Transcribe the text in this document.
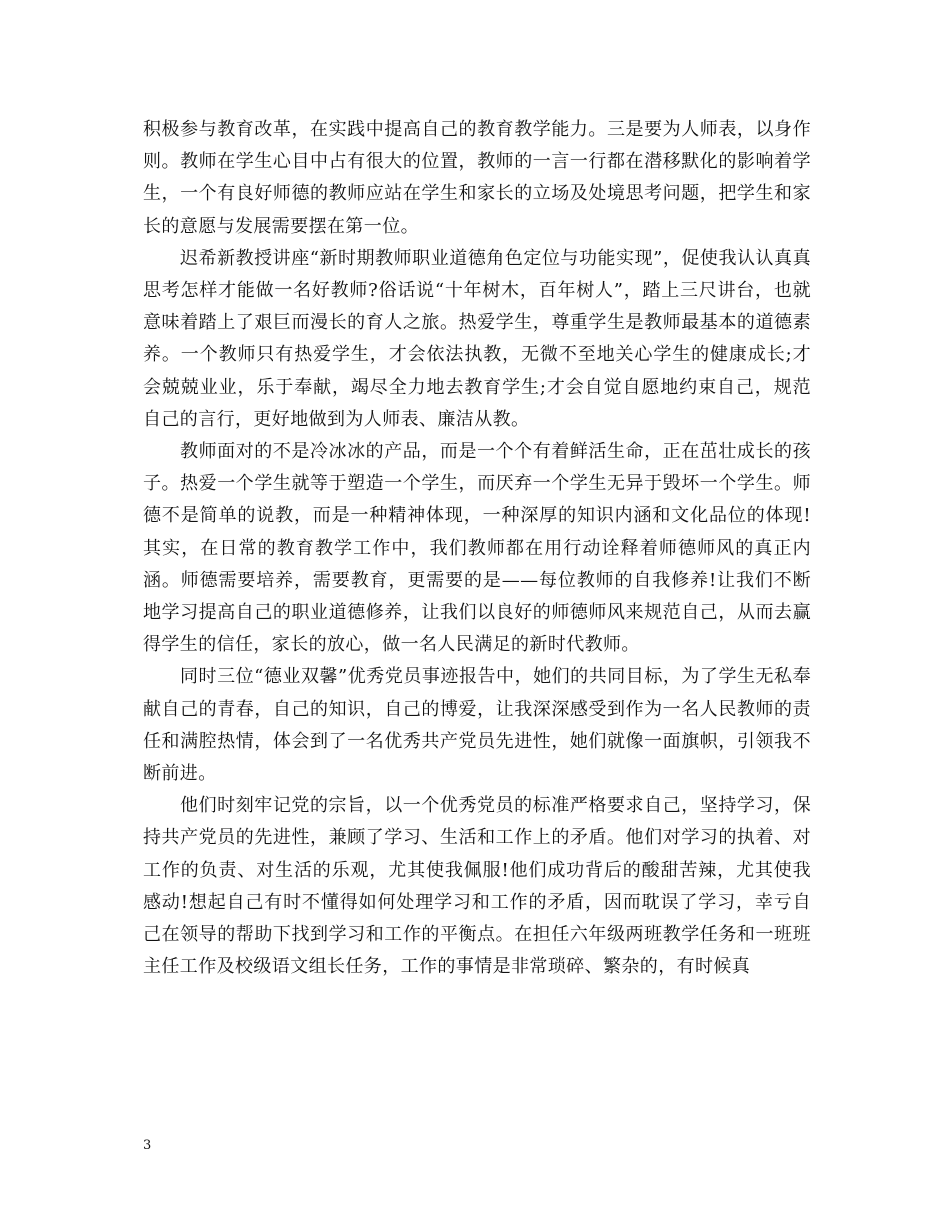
积极参与教育改革，在实践中提高自己的教育教学能力。三是要为人师表，以身作则。教师在学生心目中占有很大的位置，教师的一言一行都在潜移默化的影响着学生，一个有良好师德的教师应站在学生和家长的立场及处境思考问题，把学生和家长的意愿与发展需要摆在第一位。

迟希新教授讲座“新时期教师职业道德角色定位与功能实现”，促使我认认真真思考怎样才能做一名好教师?俗话说“十年树木，百年树人”，踏上三尺讲台，也就意味着踏上了艰巨而漫长的育人之旅。热爱学生，尊重学生是教师最基本的道德素养。一个教师只有热爱学生，才会依法执教，无微不至地关心学生的健康成长;才会兢兢业业，乐于奉献，竭尽全力地去教育学生;才会自觉自愿地约束自己，规范自己的言行，更好地做到为人师表、廉洁从教。

教师面对的不是冷冰冰的产品，而是一个个有着鲜活生命，正在茁壮成长的孩子。热爱一个学生就等于塑造一个学生，而厌弃一个学生无异于毁坏一个学生。师德不是简单的说教，而是一种精神体现，一种深厚的知识内涵和文化品位的体现!其实，在日常的教育教学工作中，我们教师都在用行动诠释着师德师风的真正内涵。师德需要培养，需要教育，更需要的是——每位教师的自我修养!让我们不断地学习提高自己的职业道德修养，让我们以良好的师德师风来规范自己，从而去赢得学生的信任，家长的放心，做一名人民满足的新时代教师。

同时三位“德业双馨”优秀党员事迹报告中，她们的共同目标，为了学生无私奉献自己的青春，自己的知识，自己的博爱，让我深深感受到作为一名人民教师的责任和满腔热情，体会到了一名优秀共产党员先进性，她们就像一面旗帜，引领我不断前进。

他们时刻牢记党的宗旨，以一个优秀党员的标准严格要求自己，坚持学习，保持共产党员的先进性，兼顾了学习、生活和工作上的矛盾。他们对学习的执着、对工作的负责、对生活的乐观，尤其使我佩服!他们成功背后的酸甜苦辣，尤其使我感动!想起自己有时不懂得如何处理学习和工作的矛盾，因而耽误了学习，幸亏自己在领导的帮助下找到学习和工作的平衡点。在担任六年级两班教学任务和一班班主任工作及校级语文组长任务，工作的事情是非常琐碎、繁杂的，有时候真

3
